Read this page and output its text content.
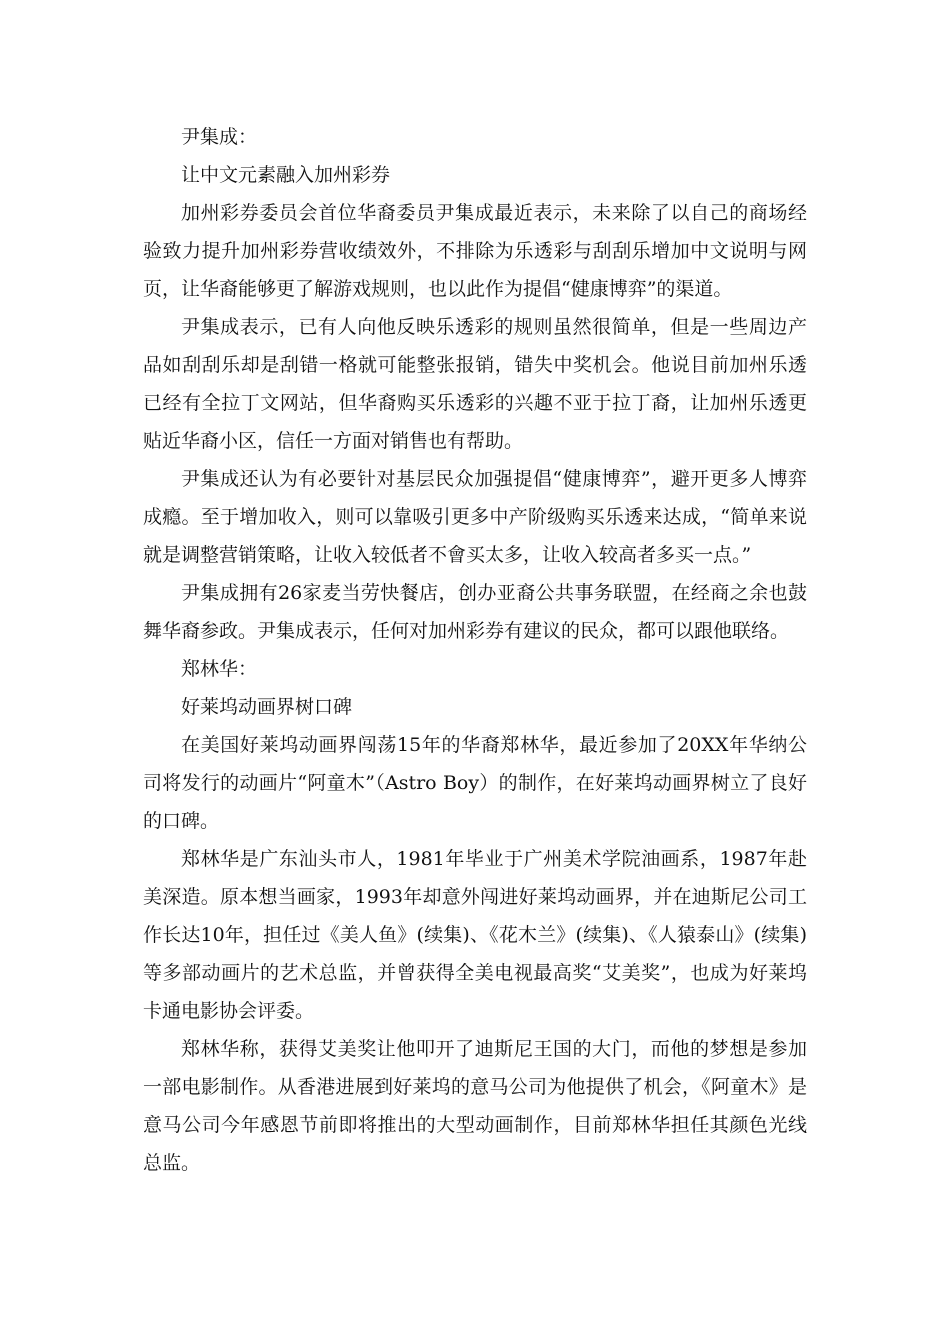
尹集成：

让中文元素融入加州彩券

加州彩券委员会首位华裔委员尹集成最近表示，未来除了以自己的商场经验致力提升加州彩券营收绩效外，不排除为乐透彩与刮刮乐增加中文说明与网页，让华裔能够更了解游戏规则，也以此作为提倡“健康博弈”的渠道。

尹集成表示，已有人向他反映乐透彩的规则虽然很简单，但是一些周边产品如刮刮乐却是刮错一格就可能整张报销，错失中奖机会。他说目前加州乐透已经有全拉丁文网站，但华裔购买乐透彩的兴趣不亚于拉丁裔，让加州乐透更贴近华裔小区，信任一方面对销售也有帮助。

尹集成还认为有必要针对基层民众加强提倡“健康博弈”，避开更多人博弈成瘾。至于增加收入，则可以靠吸引更多中产阶级购买乐透来达成，“简单来说就是调整营销策略，让收入较低者不會买太多，让收入较高者多买一点。”

尹集成拥有26家麦当劳快餐店，创办亚裔公共事务联盟，在经商之余也鼓舞华裔参政。尹集成表示，任何对加州彩券有建议的民众，都可以跟他联络。

郑林华：

好莱坞动画界树口碑

在美国好莱坞动画界闯荡15年的华裔郑林华，最近参加了20XX年华纳公司将发行的动画片“阿童木”（Astro Boy）的制作，在好莱坞动画界树立了良好的口碑。

郑林华是广东汕头市人，1981年毕业于广州美术学院油画系，1987年赴美深造。原本想当画家，1993年却意外闯进好莱坞动画界，并在迪斯尼公司工作长达10年，担任过《美人鱼》(续集)、《花木兰》(续集)、《人猿泰山》(续集)等多部动画片的艺术总监，并曾获得全美电视最高奖“艾美奖”，也成为好莱坞卡通电影协会评委。

郑林华称，获得艾美奖让他叩开了迪斯尼王国的大门，而他的梦想是参加一部电影制作。从香港进展到好莱坞的意马公司为他提供了机会，《阿童木》是意马公司今年感恩节前即将推出的大型动画制作，目前郑林华担任其颜色光线总监。
